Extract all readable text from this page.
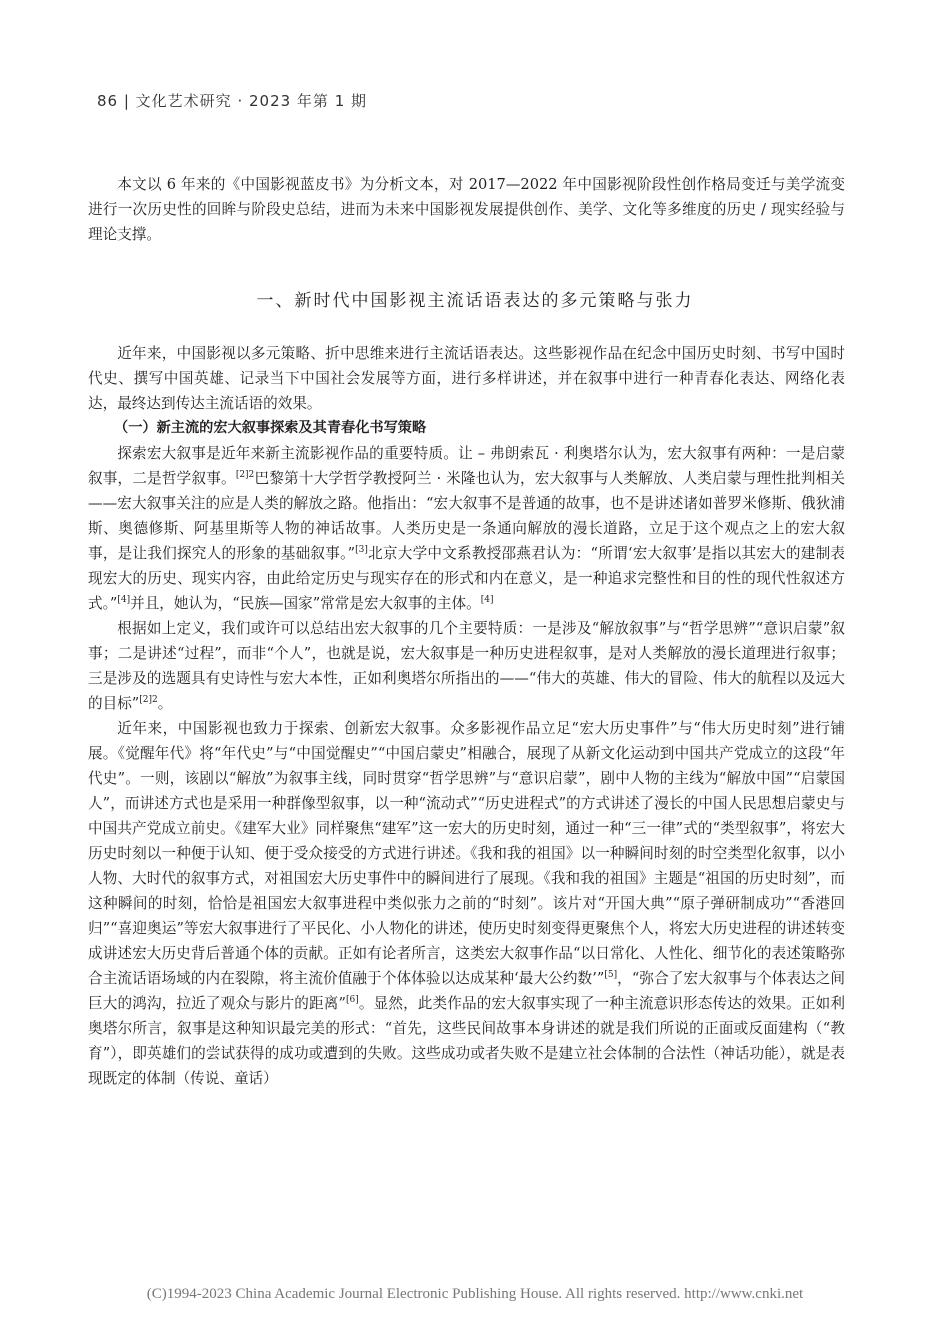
86 | 文化艺术研究 · 2023 年第 1 期

本文以 6 年来的《中国影视蓝皮书》为分析文本，对 2017—2022 年中国影视阶段性创作格局变迁与美学流变进行一次历史性的回眸与阶段史总结，进而为未来中国影视发展提供创作、美学、文化等多维度的历史 / 现实经验与理论支撑。

一、新时代中国影视主流话语表达的多元策略与张力

近年来，中国影视以多元策略、折中思维来进行主流话语表达。这些影视作品在纪念中国历史时刻、书写中国时代史、撰写中国英雄、记录当下中国社会发展等方面，进行多样讲述，并在叙事中进行一种青春化表达、网络化表达，最终达到传达主流话语的效果。

（一）新主流的宏大叙事探索及其青春化书写策略

探索宏大叙事是近年来新主流影视作品的重要特质。让 – 弗朗索瓦 · 利奥塔尔认为，宏大叙事有两种：一是启蒙叙事，二是哲学叙事。$^{[2]2}$巴黎第十大学哲学教授阿兰 · 米隆也认为，宏大叙事与人类解放、人类启蒙与理性批判相关——宏大叙事关注的应是人类的解放之路。他指出：“宏大叙事不是普通的故事，也不是讲述诸如普罗米修斯、俄狄浦斯、奥德修斯、阿基里斯等人物的神话故事。人类历史是一条通向解放的漫长道路，立足于这个观点之上的宏大叙事，是让我们探究人的形象的基础叙事。”[3]北京大学中文系教授邵燕君认为：“所谓‘宏大叙事’是指以其宏大的建制表现宏大的历史、现实内容，由此给定历史与现实存在的形式和内在意义，是一种追求完整性和目的性的现代性叙述方式。”[4]并且，她认为，“民族—国家”常常是宏大叙事的主体。[4]

根据如上定义，我们或许可以总结出宏大叙事的几个主要特质：一是涉及“解放叙事”与“哲学思辨”“意识启蒙”叙事；二是讲述“过程”，而非“个人”，也就是说，宏大叙事是一种历史进程叙事，是对人类解放的漫长道理进行叙事；三是涉及的选题具有史诗性与宏大本性，正如利奥塔尔所指出的——“伟大的英雄、伟大的冒险、伟大的航程以及远大的目标”$^{[2]2}$。

近年来，中国影视也致力于探索、创新宏大叙事。众多影视作品立足“宏大历史事件”与“伟大历史时刻”进行铺展。《觉醒年代》将“年代史”与“中国觉醒史”“中国启蒙史”相融合，展现了从新文化运动到中国共产党成立的这段“年代史”。一则，该剧以“解放”为叙事主线，同时贯穿“哲学思辨”与“意识启蒙”，剧中人物的主线为“解放中国”“启蒙国人”，而讲述方式也是采用一种群像型叙事，以一种“流动式”“历史进程式”的方式讲述了漫长的中国人民思想启蒙史与中国共产党成立前史。《建军大业》同样聚焦“建军”这一宏大的历史时刻，通过一种“三一律”式的“类型叙事”，将宏大历史时刻以一种便于认知、便于受众接受的方式进行讲述。《我和我的祖国》以一种瞬间时刻的时空类型化叙事，以小人物、大时代的叙事方式，对祖国宏大历史事件中的瞬间进行了展现。《我和我的祖国》主题是“祖国的历史时刻”，而这种瞬间的时刻，恰恰是祖国宏大叙事进程中类似张力之前的“时刻”。该片对“开国大典”“原子弹研制成功”“香港回归”“喜迎奥运”等宏大叙事进行了平民化、小人物化的讲述，使历史时刻变得更聚焦个人，将宏大历史进程的讲述转变成讲述宏大历史背后普通个体的贡献。正如有论者所言，这类宏大叙事作品“以日常化、人性化、细节化的表述策略弥合主流话语场域的内在裂隙，将主流价值融于个体体验以达成某种‘最大公约数’”[5]，“弥合了宏大叙事与个体表达之间巨大的鸿沟，拉近了观众与影片的距离”[6]。显然，此类作品的宏大叙事实现了一种主流意识形态传达的效果。正如利奥塔尔所言，叙事是这种知识最完美的形式：“首先，这些民间故事本身讲述的就是我们所说的正面或反面建构（“教育”），即英雄们的尝试获得的成功或遭到的失败。这些成功或者失败不是建立社会体制的合法性（神话功能），就是表现既定的体制（传说、童话）

(C)1994-2023 China Academic Journal Electronic Publishing House. All rights reserved. http://www.cnki.net
